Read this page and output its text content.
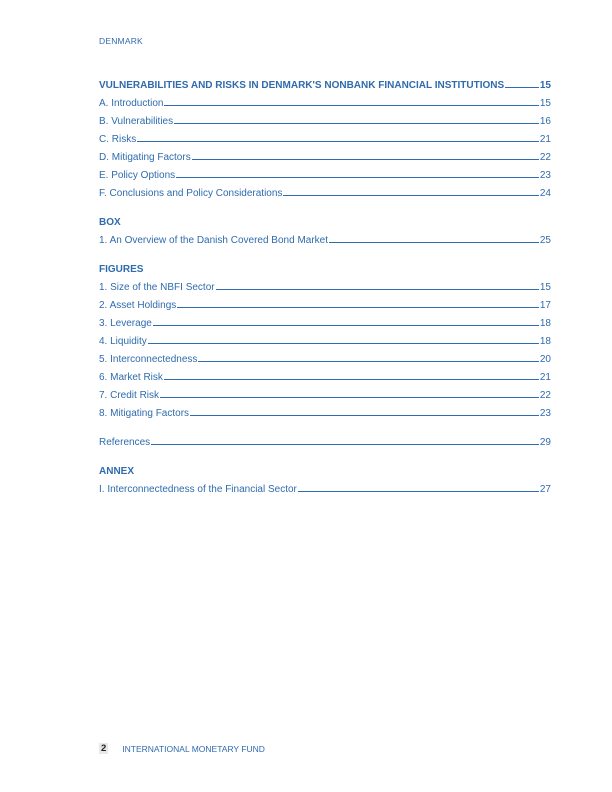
DENMARK
VULNERABILITIES AND RISKS IN DENMARK'S NONBANK FINANCIAL INSTITUTIONS	15
A. Introduction	15
B. Vulnerabilities	16
C. Risks	21
D. Mitigating Factors	22
E. Policy Options	23
F. Conclusions and Policy Considerations	24
BOX
1. An Overview of the Danish Covered Bond Market	25
FIGURES
1. Size of the NBFI Sector	15
2. Asset Holdings	17
3. Leverage	18
4. Liquidity	18
5. Interconnectedness	20
6. Market Risk	21
7. Credit Risk	22
8. Mitigating Factors	23
References	29
ANNEX
I. Interconnectedness of the Financial Sector	27
2 INTERNATIONAL MONETARY FUND
